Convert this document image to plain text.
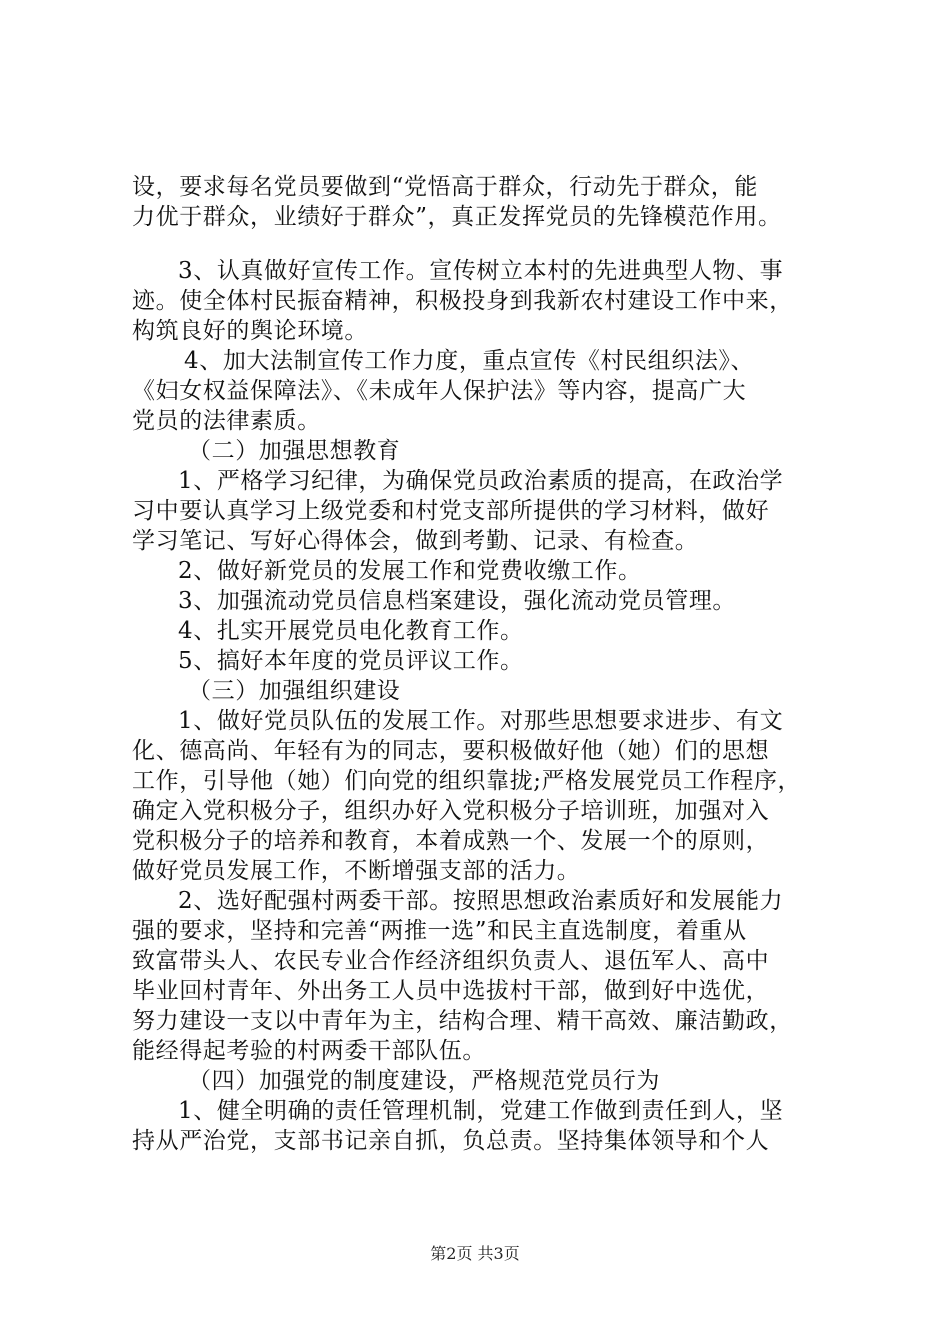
设，要求每名党员要做到“党悟高于群众，行动先于群众，能
力优于群众，业绩好于群众”，真正发挥党员的先锋模范作用。
3、认真做好宣传工作。宣传树立本村的先进典型人物、事
迹。使全体村民振奋精神，积极投身到我新农村建设工作中来，
构筑良好的舆论环境。
4、加大法制宣传工作力度，重点宣传《村民组织法》、
《妇女权益保障法》、《未成年人保护法》等内容，提高广大
党员的法律素质。
（二）加强思想教育
1、严格学习纪律，为确保党员政治素质的提高，在政治学
习中要认真学习上级党委和村党支部所提供的学习材料，做好
学习笔记、写好心得体会，做到考勤、记录、有检查。
2、做好新党员的发展工作和党费收缴工作。
3、加强流动党员信息档案建设，强化流动党员管理。
4、扎实开展党员电化教育工作。
5、搞好本年度的党员评议工作。
（三）加强组织建设
1、做好党员队伍的发展工作。对那些思想要求进步、有文
化、德高尚、年轻有为的同志，要积极做好他（她）们的思想
工作，引导他（她）们向党的组织靠拢;严格发展党员工作程序，
确定入党积极分子，组织办好入党积极分子培训班，加强对入
党积极分子的培养和教育，本着成熟一个、发展一个的原则，
做好党员发展工作，不断增强支部的活力。
2、选好配强村两委干部。按照思想政治素质好和发展能力
强的要求，坚持和完善“两推一选”和民主直选制度，着重从
致富带头人、农民专业合作经济组织负责人、退伍军人、高中
毕业回村青年、外出务工人员中选拔村干部，做到好中选优，
努力建设一支以中青年为主，结构合理、精干高效、廉洁勤政，
能经得起考验的村两委干部队伍。
（四）加强党的制度建设，严格规范党员行为
1、健全明确的责任管理机制，党建工作做到责任到人，坚
持从严治党，支部书记亲自抓，负总责。坚持集体领导和个人
第2页 共3页
